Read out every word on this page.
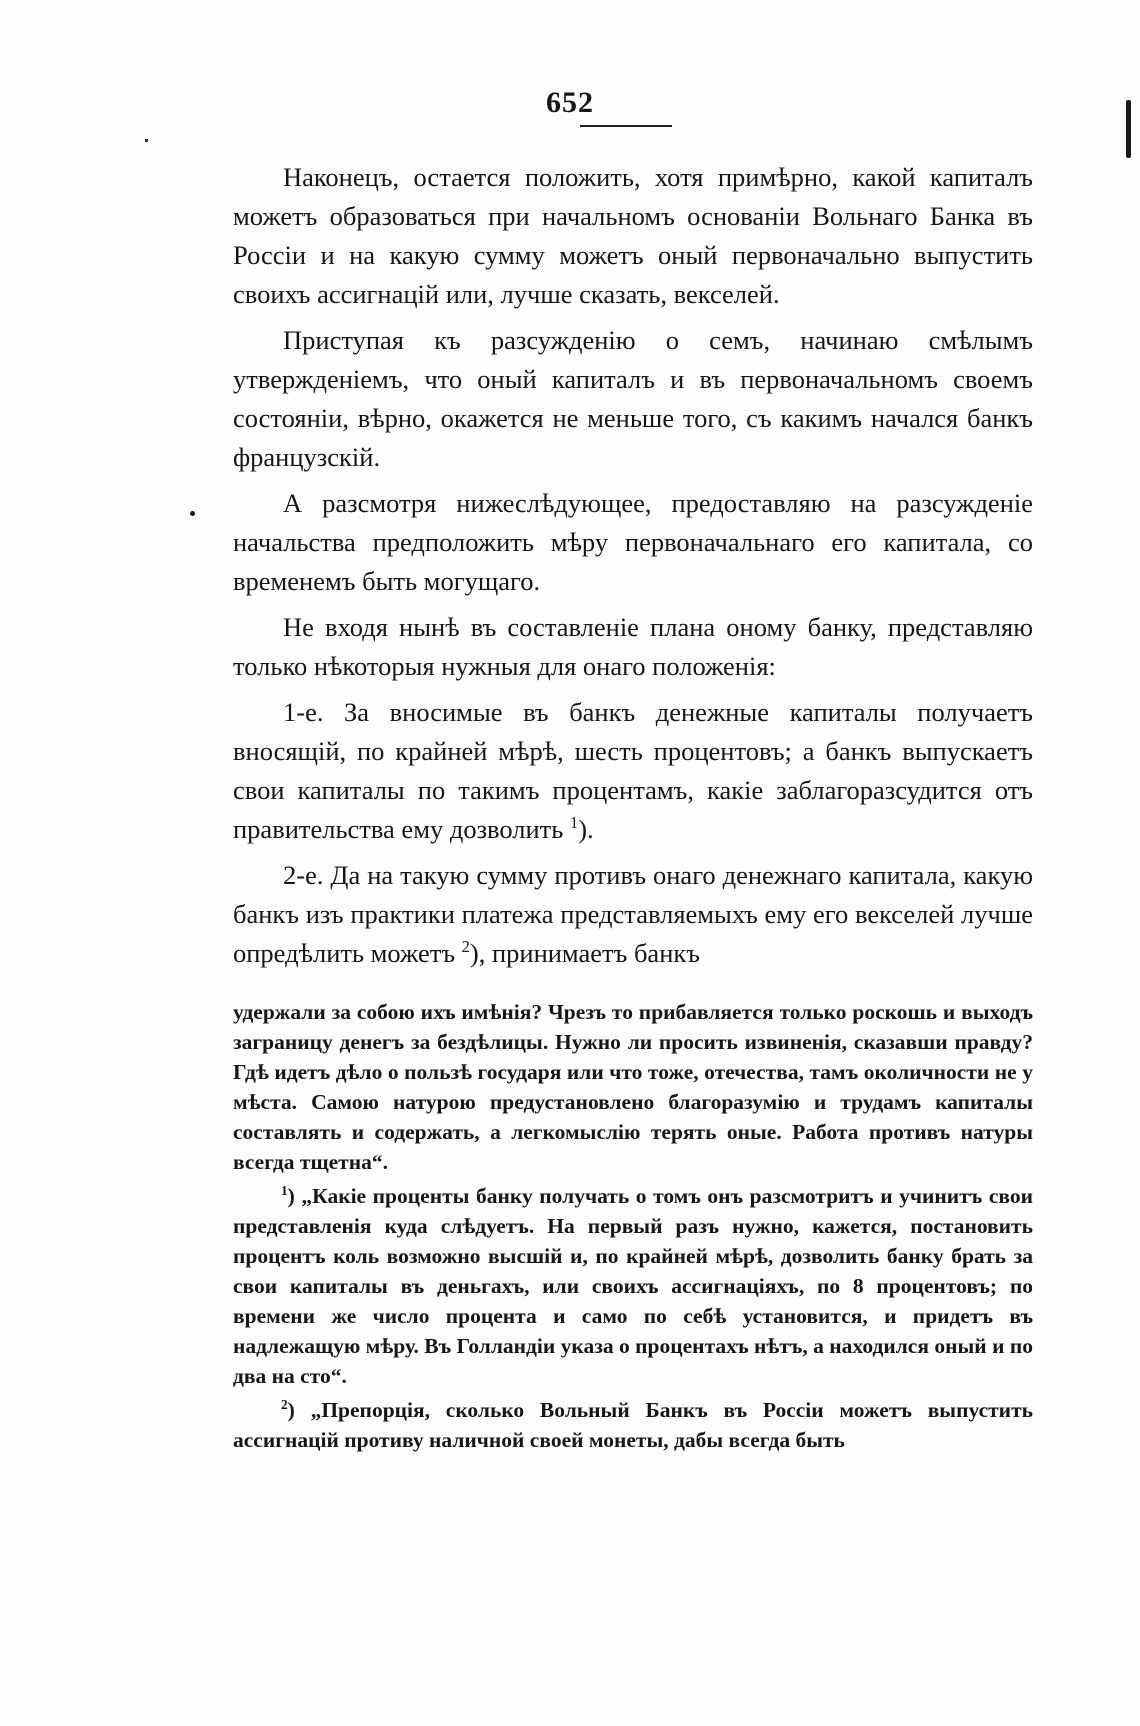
652

Наконецъ, остается положить, хотя примѣрно, какой капиталъ можетъ образоваться при начальномъ основаніи Вольнаго Банка въ Россіи и на какую сумму можетъ оный первоначально выпустить своихъ ассигнацій или, лучше сказать, векселей.

Приступая къ разсужденію о семъ, начинаю смѣлымъ утвержденіемъ, что оный капиталъ и въ первоначальномъ своемъ состояніи, вѣрно, окажется не меньше того, съ какимъ начался банкъ французскій.

А разсмотря нижеслѣдующее, предоставляю на разсужденіе начальства предположить мѣру первоначальнаго его капитала, со временемъ быть могущаго.

Не входя нынѣ въ составленіе плана оному банку, представляю только нѣкоторыя нужныя для онаго положенія:

1-е. За вносимые въ банкъ денежные капиталы получаетъ вносящій, по крайней мѣрѣ, шесть процентовъ; а банкъ выпускаетъ свои капиталы по такимъ процентамъ, какіе заблагоразсудится отъ правительства ему дозволить $^1$).

2-е. Да на такую сумму противъ онаго денежнаго капитала, какую банкъ изъ практики платежа представляемыхъ ему его векселей лучше опредѣлить можетъ $^2$), принимаетъ банкъ

удержали за собою ихъ имѣнія? Чрезъ то прибавляется только роскошь и выходъ заграницу денегъ за бездѣлицы. Нужно ли просить извиненія, сказавши правду? Гдѣ идетъ дѣло о пользѣ государя или что тоже, отечества, тамъ околичности не у мѣста. Самою натурою предустановлено благоразумію и трудамъ капиталы составлять и содержать, а легкомыслію терять оные. Работа противъ натуры всегда тщетна“.

$^1$) „Какіе проценты банку получать о томъ онъ разсмотритъ и учинитъ свои представленія куда слѣдуетъ. На первый разъ нужно, кажется, постановить процентъ коль возможно высшій и, по крайней мѣрѣ, дозволить банку брать за свои капиталы въ деньгахъ, или своихъ ассигнаціяхъ, по 8 процентовъ; по времени же число процента и само по себѣ установится, и придетъ въ надлежащую мѣру. Въ Голландіи указа о процентахъ нѣтъ, а находился оный и по два на сто“.

$^2$) „Препорція, сколько Вольный Банкъ въ Россіи можетъ выпустить ассигнацій противу наличной своей монеты, дабы всегда быть
